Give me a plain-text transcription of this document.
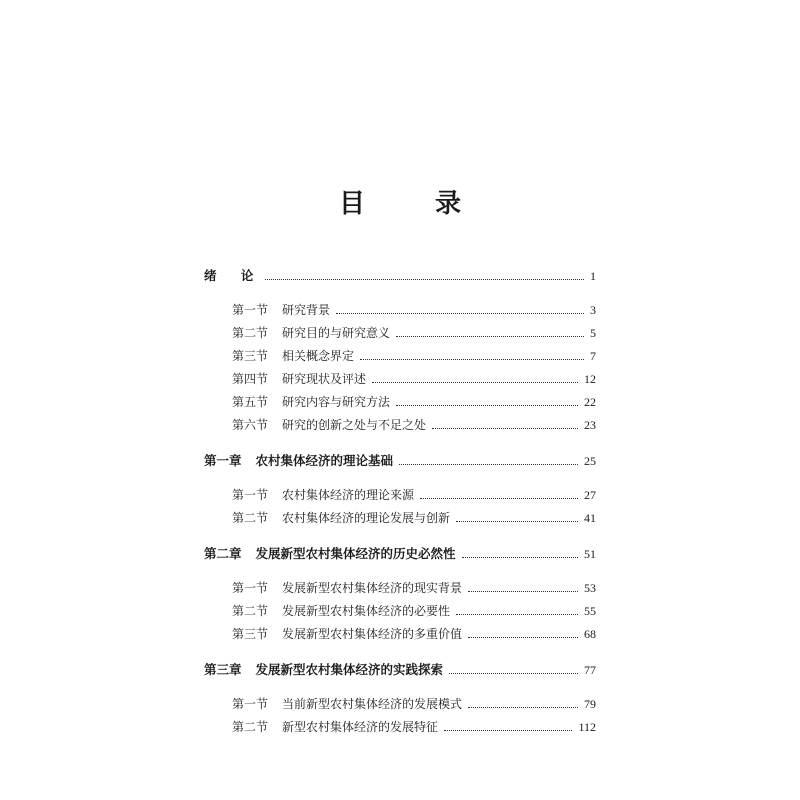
目　录
绪 论	1
第一节 研究背景	3
第二节 研究目的与研究意义	5
第三节 相关概念界定	7
第四节 研究现状及评述	12
第五节 研究内容与研究方法	22
第六节 研究的创新之处与不足之处	23
第一章 农村集体经济的理论基础	25
第一节 农村集体经济的理论来源	27
第二节 农村集体经济的理论发展与创新	41
第二章 发展新型农村集体经济的历史必然性	51
第一节 发展新型农村集体经济的现实背景	53
第二节 发展新型农村集体经济的必要性	55
第三节 发展新型农村集体经济的多重价值	68
第三章 发展新型农村集体经济的实践探索	77
第一节 当前新型农村集体经济的发展模式	79
第二节 新型农村集体经济的发展特征	112
